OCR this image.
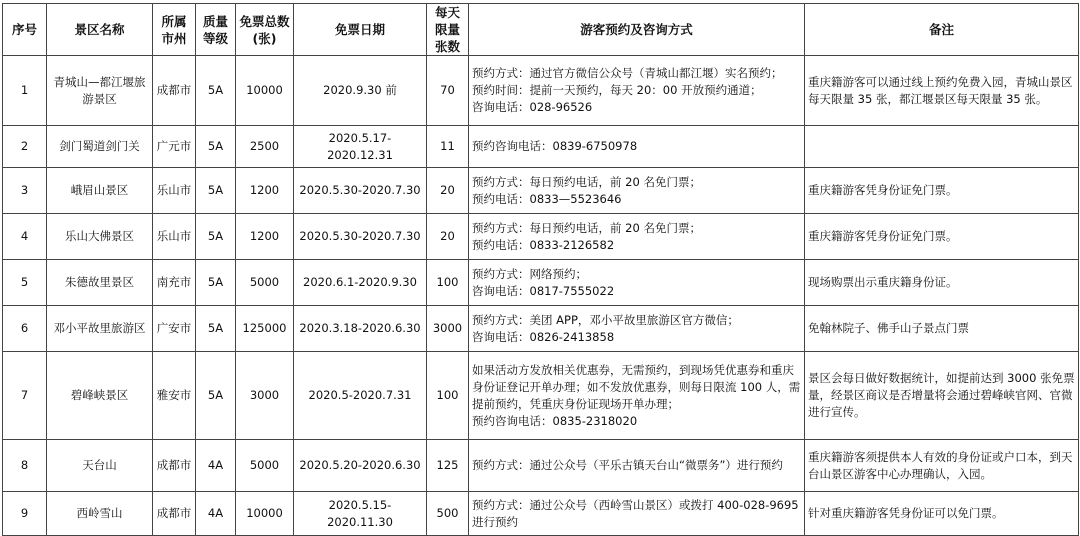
序号	景区名称	所属市州	质量等级	免票总数(张)	免票日期	每天限量张数	游客预约及咨询方式	备注
1	青城山—都江堰旅游景区	成都市	5A	10000	2020.9.30 前	70	预约方式：通过官方微信公众号（青城山都江堰）实名预约；
预约时间：提前一天预约，每天 20：00 开放预约通道；
咨询电话：028-96526	重庆籍游客可以通过线上预约免费入园，青城山景区每天限量 35 张，都江堰景区每天限量 35 张。
2	剑门蜀道剑门关	广元市	5A	2500	2020.5.17-2020.12.31	11	预约咨询电话：0839-6750978	
3	峨眉山景区	乐山市	5A	1200	2020.5.30-2020.7.30	20	预约方式：每日预约电话，前 20 名免门票；
预约电话：0833—5523646	重庆籍游客凭身份证免门票。
4	乐山大佛景区	乐山市	5A	1200	2020.5.30-2020.7.30	20	预约方式：每日预约电话，前 20 名免门票；
预约电话：0833-2126582	重庆籍游客凭身份证免门票。
5	朱德故里景区	南充市	5A	5000	2020.6.1-2020.9.30	100	预约方式：网络预约；
咨询电话：0817-7555022	现场购票出示重庆籍身份证。
6	邓小平故里旅游区	广安市	5A	125000	2020.3.18-2020.6.30	3000	预约方式：美团 APP，邓小平故里旅游区官方微信；
咨询电话：0826-2413858	免翰林院子、佛手山子景点门票
7	碧峰峡景区	雅安市	5A	3000	2020.5-2020.7.31	100	如果活动方发放相关优惠券，无需预约，到现场凭优惠券和重庆身份证登记开单办理；如不发放优惠券，则每日限流 100 人，需提前预约，凭重庆身份证现场开单办理；
预约咨询电话：0835-2318020	景区会每日做好数据统计，如提前达到 3000 张免票量，经景区商议是否增量将会通过碧峰峡官网、官微进行宣传。
8	天台山	成都市	4A	5000	2020.5.20-2020.6.30	125	预约方式：通过公众号（平乐古镇天台山“微票务”）进行预约	重庆籍游客须提供本人有效的身份证或户口本，到天台山景区游客中心办理确认，入园。
9	西岭雪山	成都市	4A	10000	2020.5.15-2020.11.30	500	预约方式：通过公众号（西岭雪山景区）或拨打 400-028-9695 进行预约	针对重庆籍游客凭身份证可以免门票。
